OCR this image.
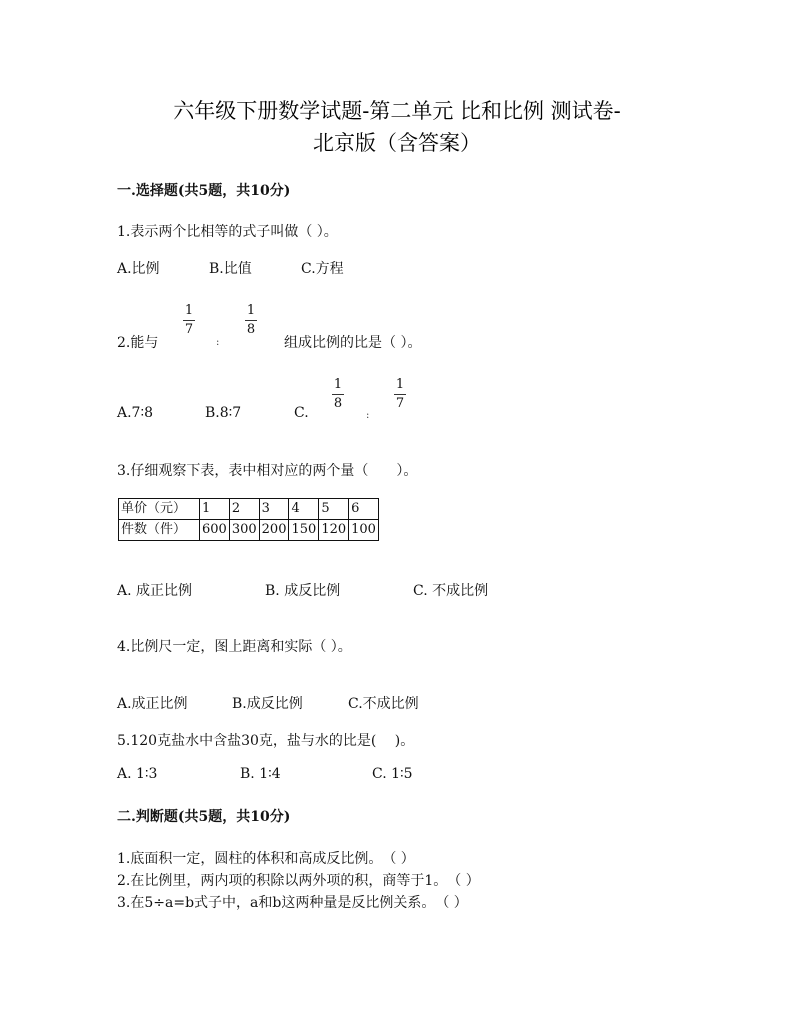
六年级下册数学试题-第二单元 比和比例 测试卷-
北京版（含答案）
一.选择题(共5题，共10分)
1.表示两个比相等的式子叫做（ ）。
A.比例	B.比值	C.方程
1
7
1
8
2.能与	:	组成比例的比是（ ）。
1
8
1
7
A.7∶8	B.8∶7	C.	:
3.仔细观察下表，表中相对应的两个量（　　）。
单价（元）	1	2	3	4	5	6
件数（件）	600	300	200	150	120	100
A. 成正比例	B. 成反比例	C. 不成比例
4.比例尺一定，图上距离和实际（ ）。
A.成正比例	B.成反比例	C.不成比例
5.120克盐水中含盐30克，盐与水的比是(　 )。
A. 1∶3	B. 1∶4	C. 1∶5
二.判断题(共5题，共10分)
1.底面积一定，圆柱的体积和高成反比例。　（ ）
2.在比例里，两内项的积除以两外项的积，商等于1。　（ ）
3.在5÷a=b式子中，a和b这两种量是反比例关系。　（ ）
